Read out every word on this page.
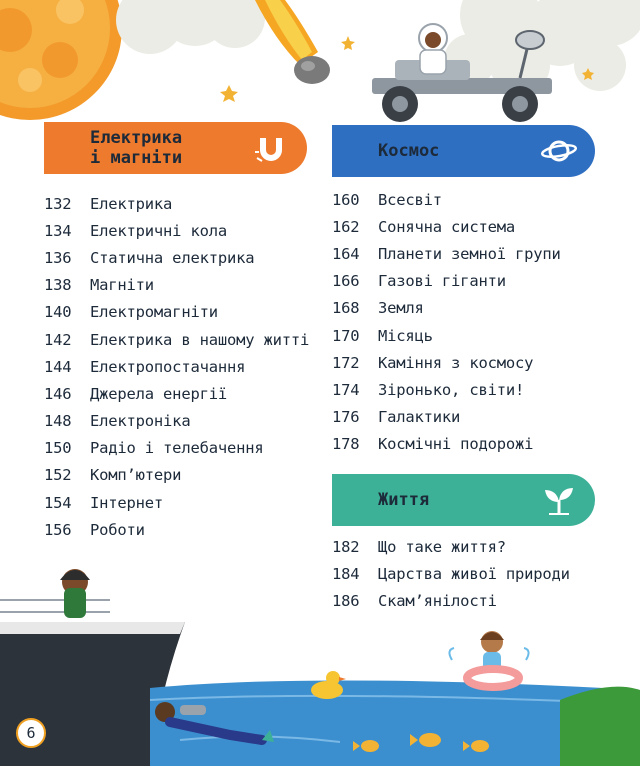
Електрика
і магніти
132	Електрика
134	Електричні кола
136	Статична електрика
138	Магніти
140	Електромагніти
142	Електрика в нашому житті
144	Електропостачання
146	Джерела енергії
148	Електроніка
150	Радіо і телебачення
152	Комп’ютери
154	Інтернет
156	Роботи
Космос
160	Всесвіт
162	Сонячна система
164	Планети земної групи
166	Газові гіганти
168	Земля
170	Місяць
172	Каміння з космосу
174	Зіронько, світи!
176	Галактики
178	Космічні подорожі
Життя
182	Що таке життя?
184	Царства живої природи
186	Скам’янілості
6
